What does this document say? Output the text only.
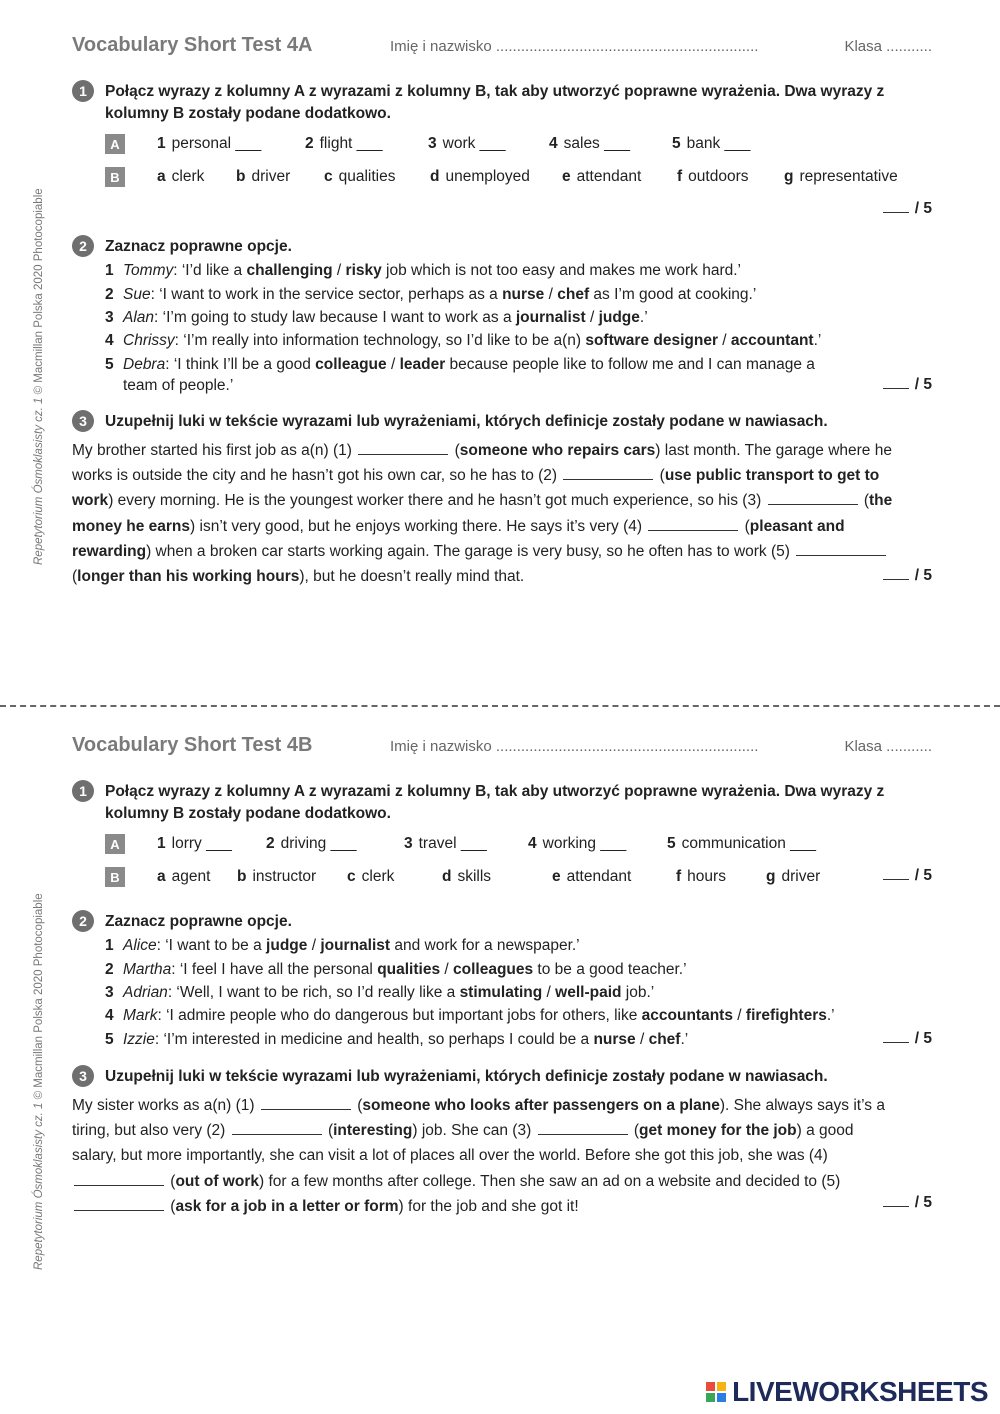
Repetytorium Ósmoklasisty cz. 1 © Macmillan Polska 2020 Photocopiable
Vocabulary Short Test 4A	Imię i nazwisko ...............................................................	Klasa ...........
1	Połącz wyrazy z kolumny A z wyrazami z kolumny B, tak aby utworzyć poprawne wyrażenia. Dwa wyrazy z kolumny B zostały podane dodatkowo.
A	1 personal ___	2 flight ___	3 work ___	4 sales ___	5 bank ___
B	a clerk b driver c qualities d unemployed e attendant f outdoors g representative
/ 5
2	Zaznacz poprawne opcje.
1 Tommy: ‘I’d like a challenging / risky job which is not too easy and makes me work hard.’
2 Sue: ‘I want to work in the service sector, perhaps as a nurse / chef as I’m good at cooking.’
3 Alan: ‘I’m going to study law because I want to work as a journalist / judge.’
4 Chrissy: ‘I’m really into information technology, so I’d like to be a(n) software designer / accountant.’
5 Debra: ‘I think I’ll be a good colleague / leader because people like to follow me and I can manage a team of people.’	/ 5
3	Uzupełnij luki w tekście wyrazami lub wyrażeniami, których definicje zostały podane w nawiasach.
My brother started his first job as a(n) (1)	(someone who repairs cars) last month. The garage where he works is outside the city and he hasn’t got his own car, so he has to (2)	(use public transport to get to work) every morning. He is the youngest worker there and he hasn’t got much experience, so his (3)	(the money he earns) isn’t very good, but he enjoys working there. He says it’s very (4)	(pleasant and rewarding) when a broken car starts working again. The garage is very busy, so he often has to work (5)  (longer than his working hours), but he doesn’t really mind that.	/ 5
Repetytorium Ósmoklasisty cz. 1 © Macmillan Polska 2020 Photocopiable
Vocabulary Short Test 4B	Imię i nazwisko ...............................................................	Klasa ...........
1	Połącz wyrazy z kolumny A z wyrazami z kolumny B, tak aby utworzyć poprawne wyrażenia. Dwa wyrazy z kolumny B zostały podane dodatkowo.
A	1 lorry ___ 2 driving ___	3 travel ___	4 working ___	5 communication ___
B	a agent b instructor c clerk	d skills	e attendant	f hours	g driver	/ 5
2	Zaznacz poprawne opcje.
1 Alice: ‘I want to be a judge / journalist and work for a newspaper.’
2 Martha: ‘I feel I have all the personal qualities / colleagues to be a good teacher.’
3 Adrian: ‘Well, I want to be rich, so I’d really like a stimulating / well-paid job.’
4 Mark: ‘I admire people who do dangerous but important jobs for others, like accountants / firefighters.’
5 Izzie: ‘I’m interested in medicine and health, so perhaps I could be a nurse / chef.’	/ 5
3	Uzupełnij luki w tekście wyrazami lub wyrażeniami, których definicje zostały podane w nawiasach.
My sister works as a(n) (1)	(someone who looks after passengers on a plane). She always says it’s a tiring, but also very (2)	(interesting) job. She can (3)	(get money for the job) a good salary, but more importantly, she can visit a lot of places all over the world. Before she got this job, she was (4)  (out of work) for a few months after college. Then she saw an ad on a website and decided to (5)  (ask for a job in a letter or form) for the job and she got it!	/ 5
LIVEWORKSHEETS
